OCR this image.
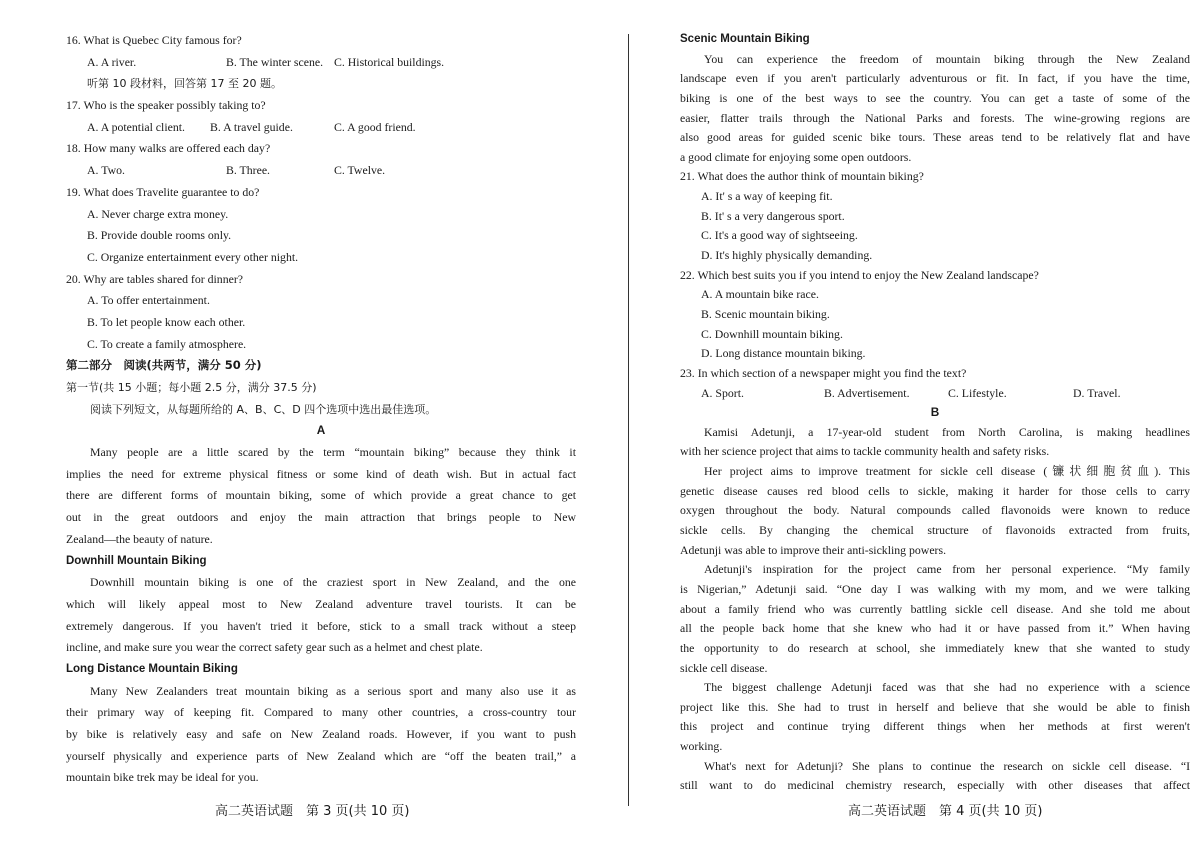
16. What is Quebec City famous for?
A. A river.	B. The winter scene. C. Historical buildings.
听第 10 段材料，回答第 17 至 20 题。
17. Who is the speaker possibly taking to?
A. A potential client. B. A travel guide.	C. A good friend.
18. How many walks are offered each day?
A. Two.	B. Three.	C. Twelve.
19. What does Travelite guarantee to do?
A. Never charge extra money.
B. Provide double rooms only.
C. Organize entertainment every other night.
20. Why are tables shared for dinner?
A. To offer entertainment.
B. To let people know each other.
C. To create a family atmosphere.
第二部分　阅读(共两节，满分 50 分)
第一节(共 15 小题；每小题 2.5 分，满分 37.5 分)
阅读下列短文，从每题所给的 A、B、C、D 四个选项中选出最佳选项。
A
Many people are a little scared by the term “mountain biking” because they think it
implies the need for extreme physical fitness or some kind of death wish. But in actual fact
there are different forms of mountain biking, some of which provide a great chance to get
out in the great outdoors and enjoy the main attraction that brings people to New
Zealand—the beauty of nature.
Downhill Mountain Biking
Downhill mountain biking is one of the craziest sport in New Zealand, and the one
which will likely appeal most to New Zealand adventure travel tourists. It can be
extremely dangerous. If you haven't tried it before, stick to a small track without a steep
incline, and make sure you wear the correct safety gear such as a helmet and chest plate.
Long Distance Mountain Biking
Many New Zealanders treat mountain biking as a serious sport and many also use it as
their primary way of keeping fit. Compared to many other countries, a cross-country tour
by bike is relatively easy and safe on New Zealand roads. However, if you want to push
yourself physically and experience parts of New Zealand which are “off the beaten trail,” a
mountain bike trek may be ideal for you.
Scenic Mountain Biking
You can experience the freedom of mountain biking through the New Zealand
landscape even if you aren't particularly adventurous or fit. In fact, if you have the time,
biking is one of the best ways to see the country. You can get a taste of some of the
easier, flatter trails through the National Parks and forests. The wine-growing regions are
also good areas for guided scenic bike tours. These areas tend to be relatively flat and have
a good climate for enjoying some open outdoors.
21. What does the author think of mountain biking?
A. It' s a way of keeping fit.
B. It' s a very dangerous sport.
C. It's a good way of sightseeing.
D. It's highly physically demanding.
22. Which best suits you if you intend to enjoy the New Zealand landscape?
A. A mountain bike race.
B. Scenic mountain biking.
C. Downhill mountain biking.
D. Long distance mountain biking.
23. In which section of a newspaper might you find the text?
A. Sport.	B. Advertisement.	C. Lifestyle.	D. Travel.
B
Kamisi Adetunji, a 17-year-old student from North Carolina, is making headlines
with her science project that aims to tackle community health and safety risks.
Her project aims to improve treatment for sickle cell disease (镰状细胞贫血). This
genetic disease causes red blood cells to sickle, making it harder for those cells to carry
oxygen throughout the body. Natural compounds called flavonoids were known to reduce
sickle cells. By changing the chemical structure of flavonoids extracted from fruits,
Adetunji was able to improve their anti-sickling powers.
Adetunji's inspiration for the project came from her personal experience. “My family
is Nigerian,” Adetunji said. “One day I was walking with my mom, and we were talking
about a family friend who was currently battling sickle cell disease. And she told me about
all the people back home that she knew who had it or have passed from it.” When having
the opportunity to do research at school, she immediately knew that she wanted to study
sickle cell disease.
The biggest challenge Adetunji faced was that she had no experience with a science
project like this. She had to trust in herself and believe that she would be able to finish
this project and continue trying different things when her methods at first weren't
working.
What's next for Adetunji? She plans to continue the research on sickle cell disease. “I
still want to do medicinal chemistry research, especially with other diseases that affect
高二英语试题　第 3 页(共 10 页)	高二英语试题　第 4 页(共 10 页)
